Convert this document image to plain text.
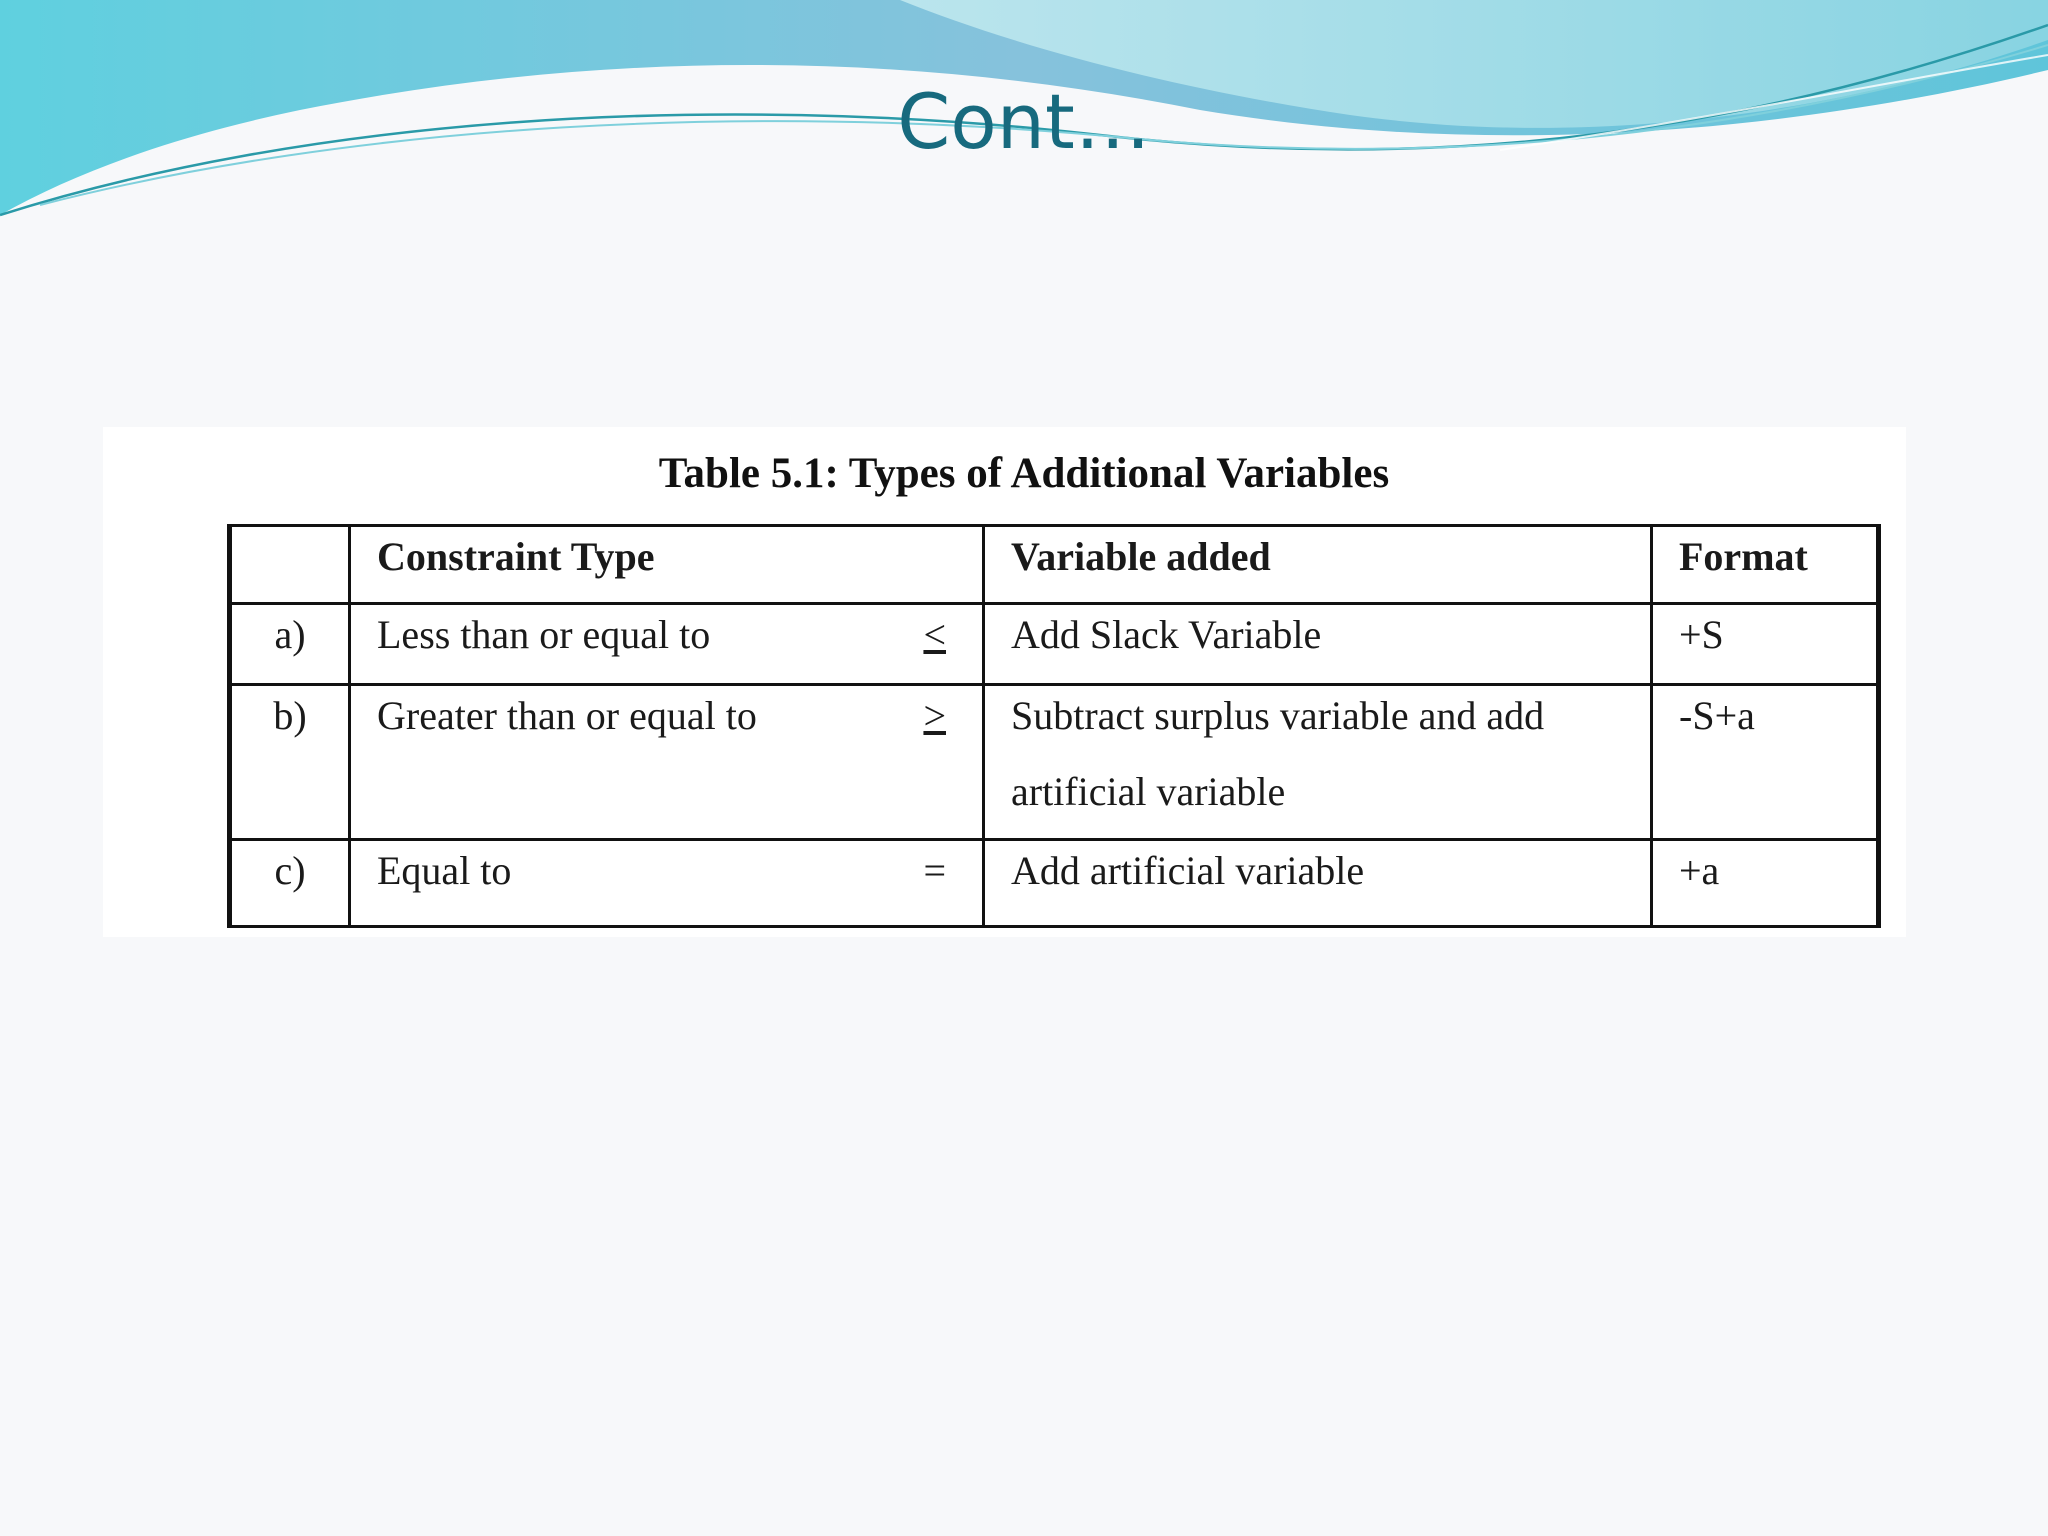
Cont…

Table 5.1: Types of Additional Variables

	Constraint Type	Variable added	Format
a)	Less than or equal to <	Add Slack Variable	+S

b)	Greater than or equal to >	Subtract surplus variable and add artificial variable	-S+a

c)	Equal to =	Add artificial variable	+a
